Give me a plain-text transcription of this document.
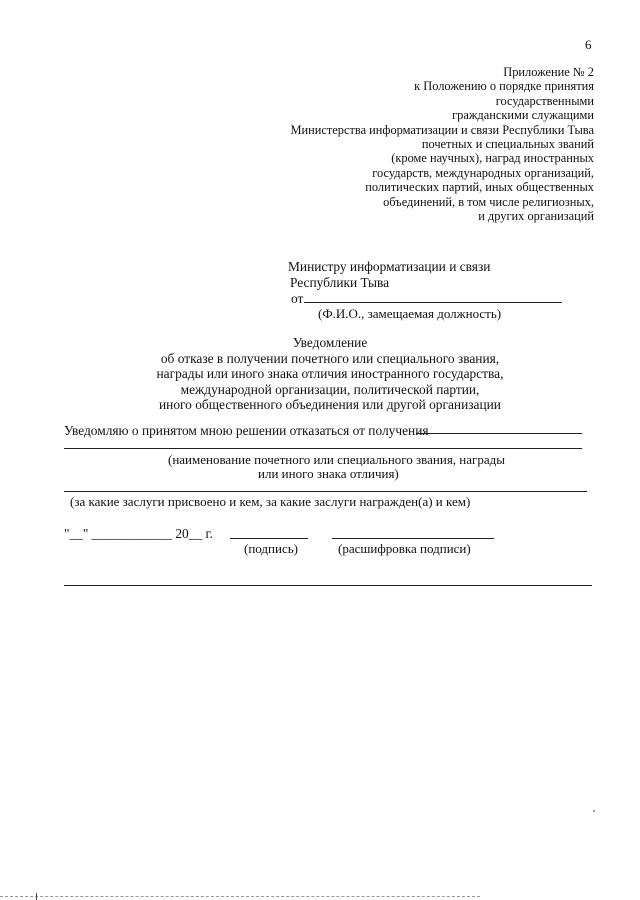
6
Приложение № 2
к Положению о порядке принятия
государственными
гражданскими служащими
Министерства информатизации и связи Республики Тыва
почетных и специальных званий
(кроме научных), наград иностранных
государств, международных организаций,
политических партий, иных общественных
объединений, в том числе религиозных,
и других организаций
Министру информатизации и связи
Республики Тыва
от
(Ф.И.О., замещаемая должность)
Уведомление
об отказе в получении почетного или специального звания,
награды или иного знака отличия иностранного государства,
международной организации, политической партии,
иного общественного объединения или другой организации
Уведомляю о принятом мною решении отказаться от получения
(наименование почетного или специального звания, награды
или иного знака отличия)
(за какие заслуги присвоено и кем, за какие заслуги награжден(а) и кем)
"__" ____________ 20__ г.
(подпись)	(расшифровка подписи)
